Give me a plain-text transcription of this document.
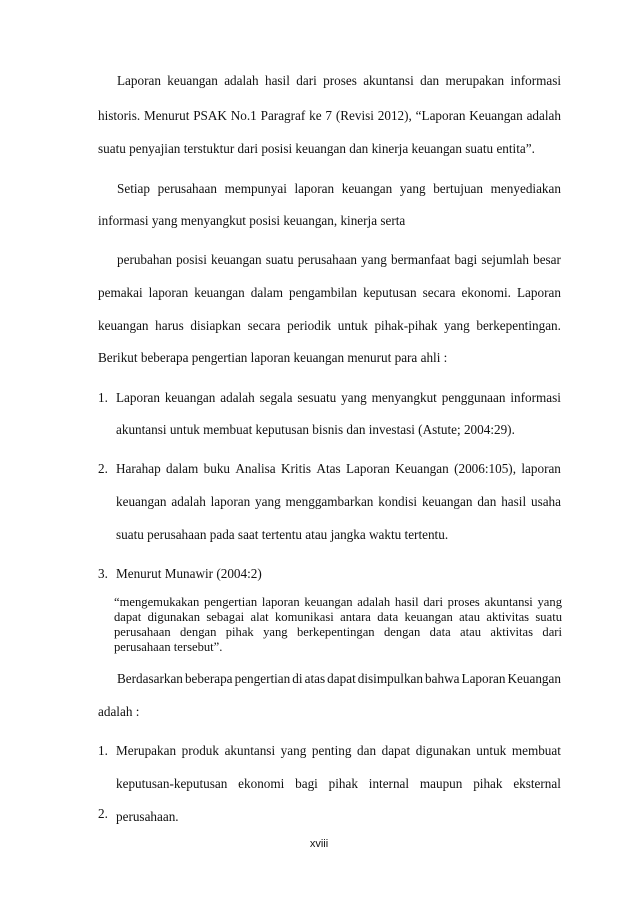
Laporan keuangan adalah hasil dari proses akuntansi dan merupakan informasi
historis. Menurut PSAK No.1 Paragraf ke 7 (Revisi 2012), “Laporan Keuangan adalah
suatu penyajian terstuktur dari posisi keuangan dan kinerja keuangan suatu entita”.
Setiap perusahaan mempunyai laporan keuangan yang bertujuan menyediakan
informasi yang menyangkut posisi keuangan, kinerja serta
perubahan posisi keuangan suatu perusahaan yang bermanfaat bagi sejumlah besar
pemakai laporan keuangan dalam pengambilan keputusan secara ekonomi. Laporan
keuangan harus disiapkan secara periodik untuk pihak-pihak yang berkepentingan.
Berikut beberapa pengertian laporan keuangan menurut para ahli :
1. Laporan keuangan adalah segala sesuatu yang menyangkut penggunaan informasi
akuntansi untuk membuat keputusan bisnis dan investasi (Astute; 2004:29).
2. Harahap dalam buku Analisa Kritis Atas Laporan Keuangan (2006:105), laporan
keuangan adalah laporan yang menggambarkan kondisi keuangan dan hasil usaha
suatu perusahaan pada saat tertentu atau jangka waktu tertentu.
3. Menurut Munawir (2004:2)
“mengemukakan pengertian laporan keuangan adalah hasil dari proses akuntansi yang dapat digunakan sebagai alat komunikasi antara data keuangan atau aktivitas suatu perusahaan dengan pihak yang berkepentingan dengan data atau aktivitas dari perusahaan tersebut”.
Berdasarkan beberapa pengertian di atas dapat disimpulkan bahwa Laporan Keuangan
adalah :
1. Merupakan produk akuntansi yang penting dan dapat digunakan untuk membuat
keputusan-keputusan ekonomi bagi pihak internal maupun pihak eksternal
perusahaan.
xviii
2.
